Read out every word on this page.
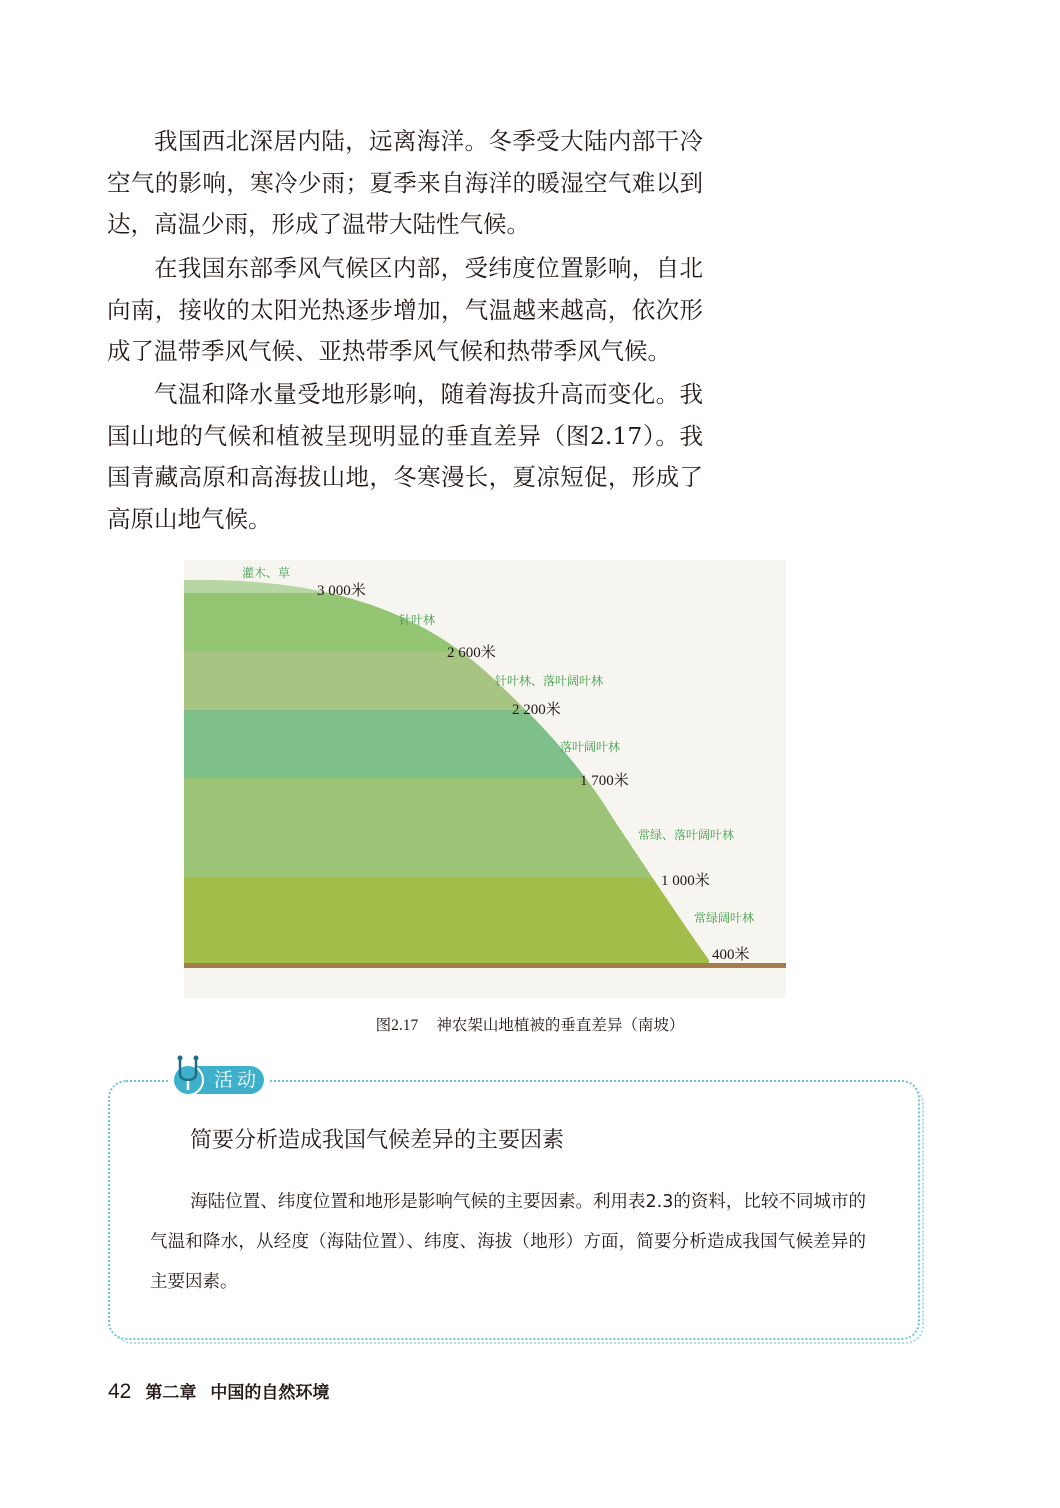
我国西北深居内陆，远离海洋。冬季受大陆内部干冷空气的影响，寒冷少雨；夏季来自海洋的暖湿空气难以到达，高温少雨，形成了温带大陆性气候。

在我国东部季风气候区内部，受纬度位置影响，自北向南，接收的太阳光热逐步增加，气温越来越高，依次形成了温带季风气候、亚热带季风气候和热带季风气候。

气温和降水量受地形影响，随着海拔升高而变化。我国山地的气候和植被呈现明显的垂直差异（图2.17）。我国青藏高原和高海拔山地，冬寒漫长，夏凉短促，形成了高原山地气候。

灌木、草
针叶林
针叶林、落叶阔叶林
落叶阔叶林
常绿、落叶阔叶林
常绿阔叶林
3 000米
2 600米
2 200米
1 700米
1 000米
400米
图2.17 神农架山地植被的垂直差异（南坡）
活动
简要分析造成我国气候差异的主要因素

海陆位置、纬度位置和地形是影响气候的主要因素。利用表2.3的资料，比较不同城市的气温和降水，从经度（海陆位置）、纬度、海拔（地形）方面，简要分析造成我国气候差异的主要因素。

42 第二章 中国的自然环境
